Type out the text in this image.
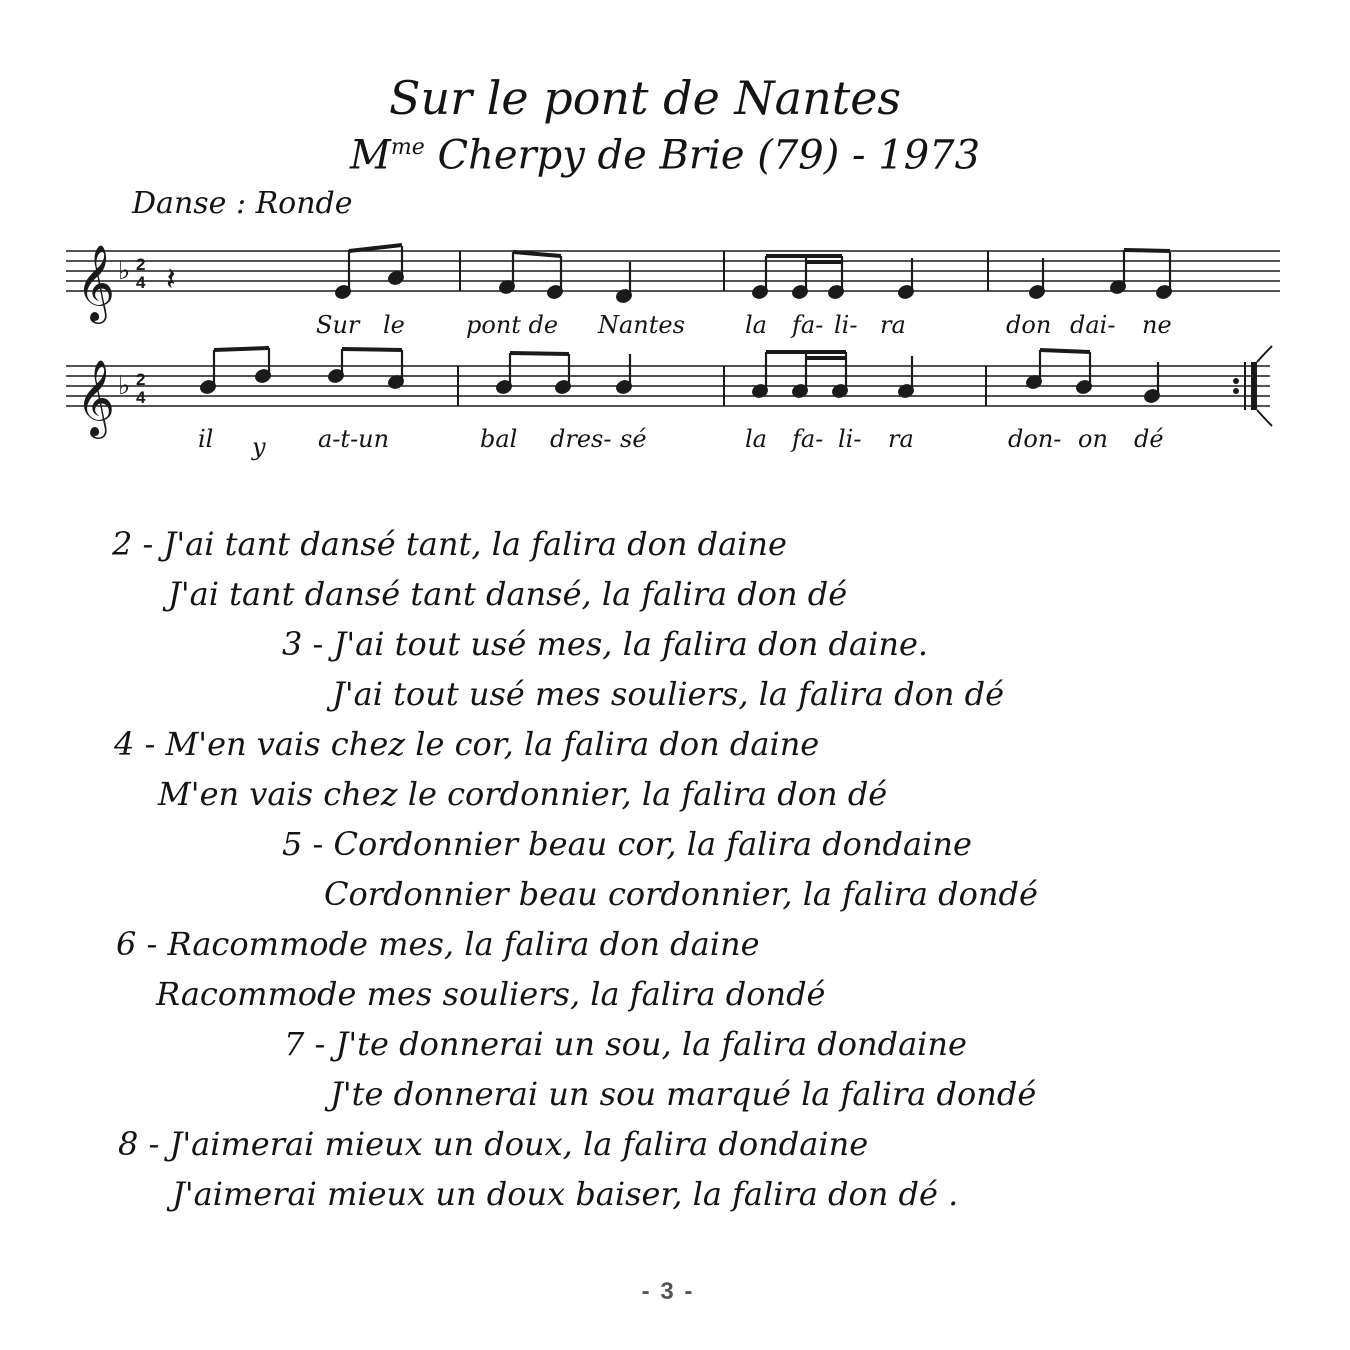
Sur le pont de Nantes
$M^{me}$ Cherpy de Brie (79) - 1973
Danse : Ronde
𝄞 ♭ 2
4 𝄽
𝄞 ♭ 2
4
Sur le	pont de Nantes	la fa- li- ra	don dai- ne
il y a-t-un	bal dres- sé	la fa- li- ra	don- on dé
2 - J'ai tant dansé tant, la falira don daine
J'ai tant dansé tant dansé, la falira don dé
3 - J'ai tout usé mes, la falira don daine.
J'ai tout usé mes souliers, la falira don dé
4 - M'en vais chez le cor, la falira don daine
M'en vais chez le cordonnier, la falira don dé
5 - Cordonnier beau cor, la falira dondaine
Cordonnier beau cordonnier, la falira dondé
6 - Racommode mes, la falira don daine
Racommode mes souliers, la falira dondé
7 - J'te donnerai un sou, la falira dondaine
J'te donnerai un sou marqué la falira dondé
8 - J'aimerai mieux un doux, la falira dondaine
J'aimerai mieux un doux baiser, la falira don dé .
- 3 -
